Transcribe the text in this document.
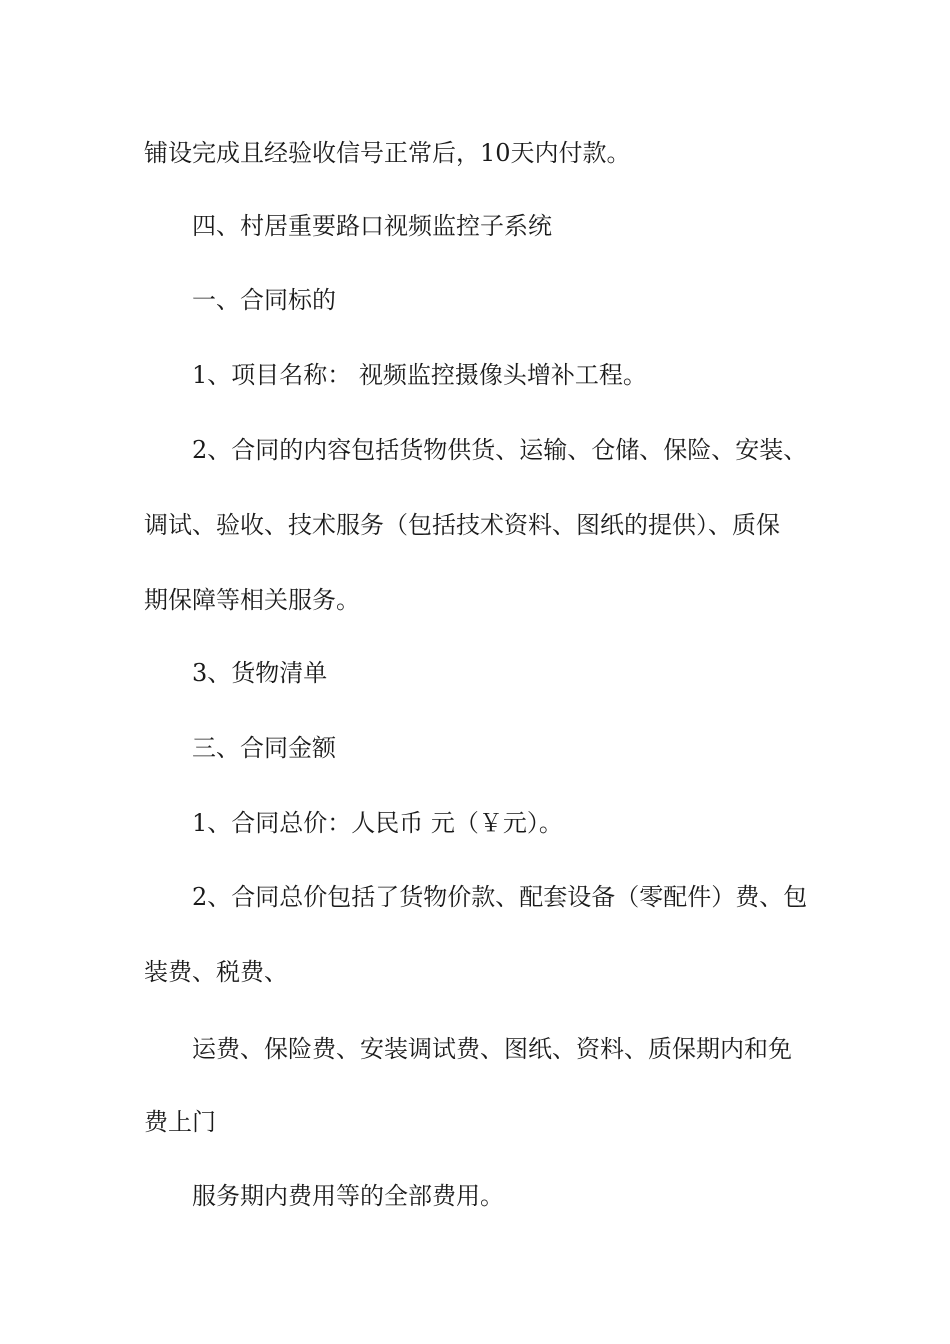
铺设完成且经验收信号正常后，10天内付款。
四、村居重要路口视频监控子系统
一、合同标的
1、项目名称： 视频监控摄像头增补工程。
2、合同的内容包括货物供货、运输、仓储、保险、安装、
调试、验收、技术服务（包括技术资料、图纸的提供）、质保
期保障等相关服务。
3、货物清单
三、合同金额
1、合同总价：人民币 元（￥元）。
2、合同总价包括了货物价款、配套设备（零配件）费、包
装费、税费、
运费、保险费、安装调试费、图纸、资料、质保期内和免
费上门
服务期内费用等的全部费用。
